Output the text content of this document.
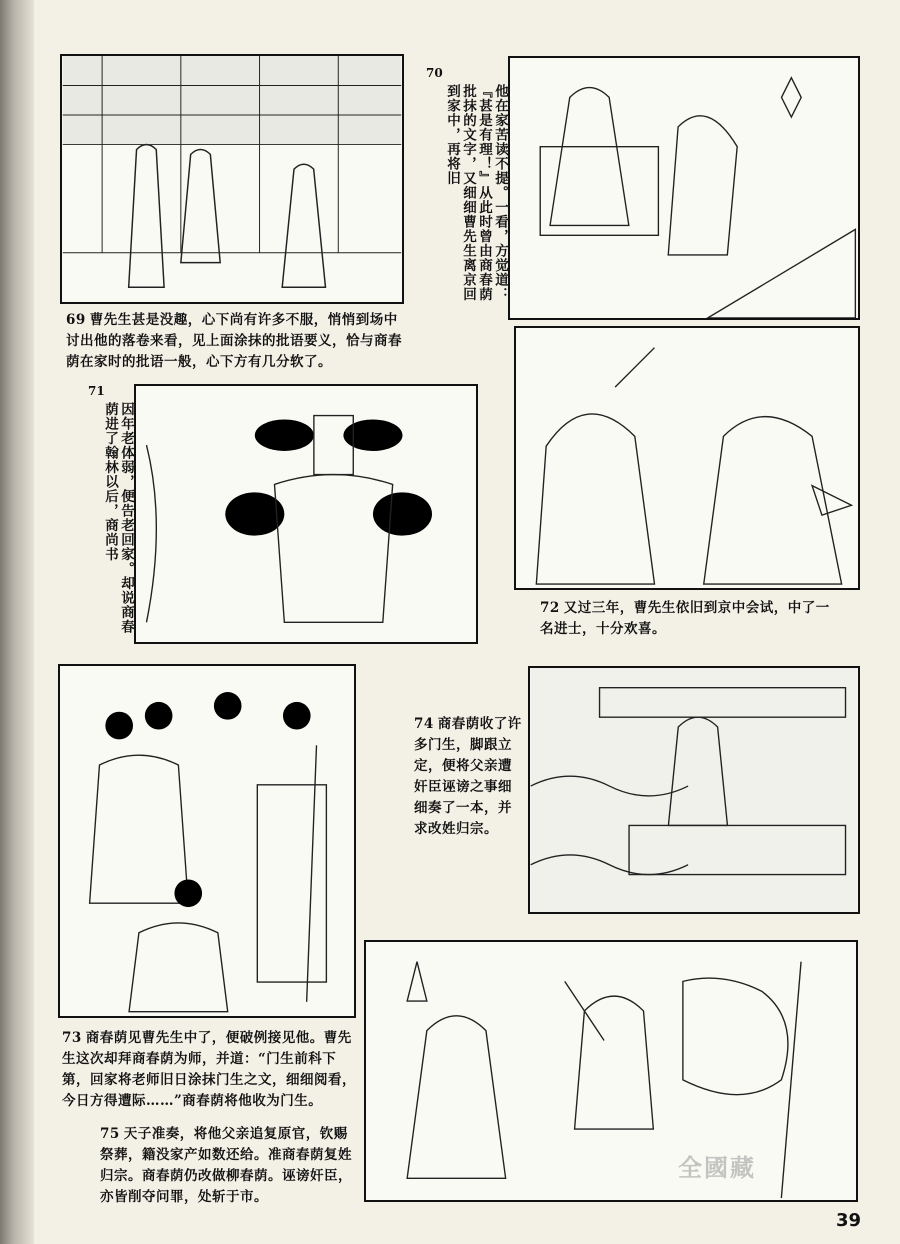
70
他在家苦读不提。一看，方觉道：『甚是有理！』从此时曾由商春荫批抹的文字，又细细曹先生离京回到家中，再将旧
69 曹先生甚是没趣，心下尚有许多不服，悄悄到场中讨出他的落卷来看，见上面涂抹的批语要义，恰与商春荫在家时的批语一般，心下方有几分软了。
71
因年老体弱，便告老回家。却说商春荫进了翰林以后，商尚书
72 又过三年，曹先生依旧到京中会试，中了一名进士，十分欢喜。
74 商春荫收了许多门生，脚跟立定，便将父亲遭奸臣诬谤之事细细奏了一本，并求改姓归宗。
73 商春荫见曹先生中了，便破例接见他。曹先生这次却拜商春荫为师，并道：“门生前科下第，回家将老师旧日涂抹门生之文，细细阅看，今日方得遭际……”商春荫将他收为门生。
75 天子准奏，将他父亲追复原官，钦赐祭葬，籍没家产如数还给。准商春荫复姓归宗。商春荫仍改做柳春荫。诬谤奸臣，亦皆削夺问罪，处斩于市。
全國藏
39
